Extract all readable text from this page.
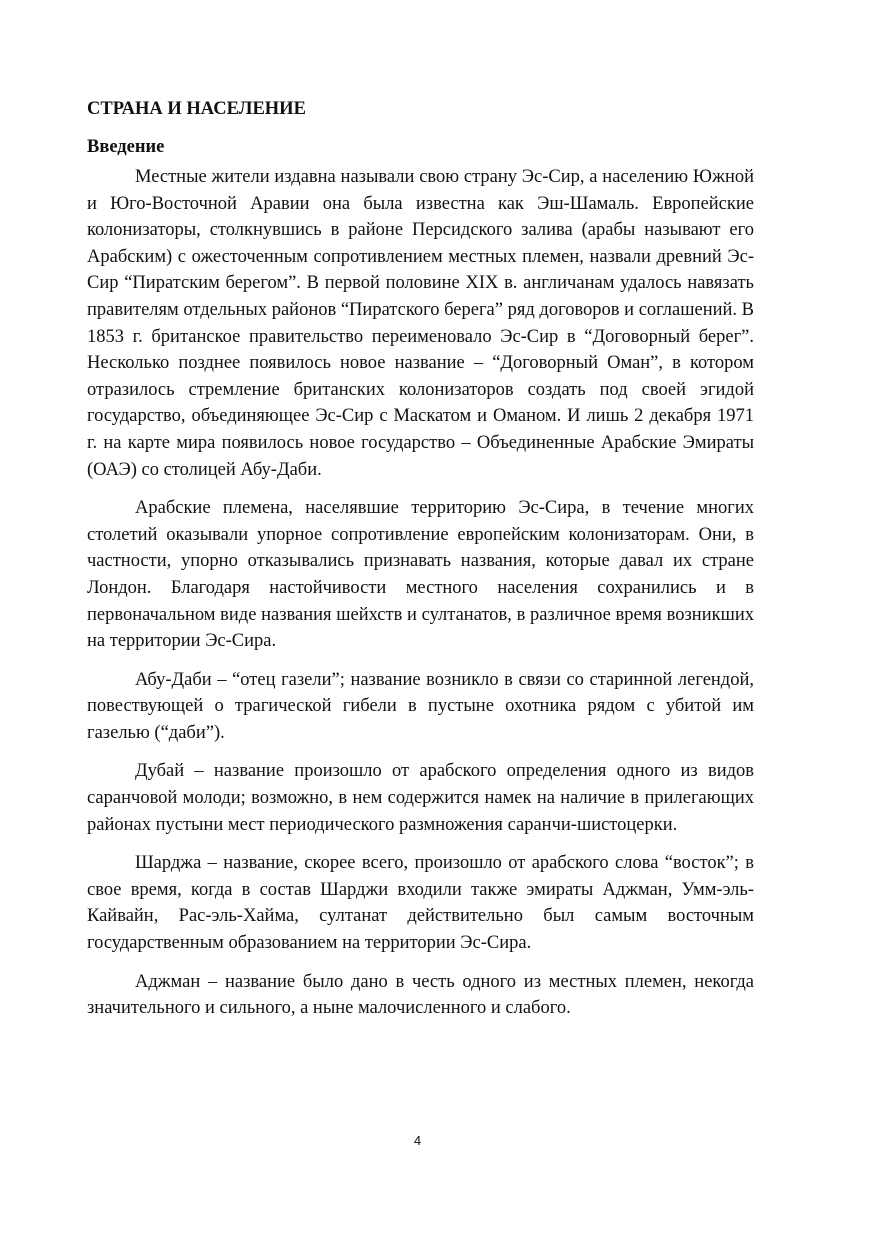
СТРАНА И НАСЕЛЕНИЕ
Введение

Местные жители издавна называли свою страну Эс-Сир, а населению Южной и Юго-Восточной Аравии она была известна как Эш-Шамаль. Европейские колонизаторы, столкнувшись в районе Персидского залива (арабы называют его Арабским) с ожесточенным сопротивлением местных племен, назвали древний Эс-Сир “Пиратским берегом”. В первой половине XIX в. англичанам удалось навязать правителям отдельных районов “Пиратского берега” ряд договоров и соглашений. В 1853 г. британское правительство переименовало Эс-Сир в “Договорный берег”. Несколько позднее появилось новое название – “Договорный Оман”, в котором отразилось стремление британских колонизаторов создать под своей эгидой государство, объединяющее Эс-Сир с Маскатом и Оманом. И лишь 2 декабря 1971 г. на карте мира появилось новое государство – Объединенные Арабские Эмираты (ОАЭ) со столицей Абу-Даби.

Арабские племена, населявшие территорию Эс-Сира, в течение многих столетий оказывали упорное сопротивление европейским колонизаторам. Они, в частности, упорно отказывались признавать названия, которые давал их стране Лондон. Благодаря настойчивости местного населения сохранились и в первоначальном виде названия шейхств и султанатов, в различное время возникших на территории Эс-Сира.

Абу-Даби – “отец газели”; название возникло в связи со старинной легендой, повествующей о трагической гибели в пустыне охотника рядом с убитой им газелью (“даби”).

Дубай – название произошло от арабского определения одного из видов саранчовой молоди; возможно, в нем содержится намек на наличие в прилегающих районах пустыни мест периодического размножения саранчи-шистоцерки.

Шарджа – название, скорее всего, произошло от арабского слова “восток”; в свое время, когда в состав Шарджи входили также эмираты Аджман, Умм-эль-Кайвайн, Рас-эль-Хайма, султанат действительно был самым восточным государственным образованием на территории Эс-Сира.

Аджман – название было дано в честь одного из местных племен, некогда значительного и сильного, а ныне малочисленного и слабого.

4
